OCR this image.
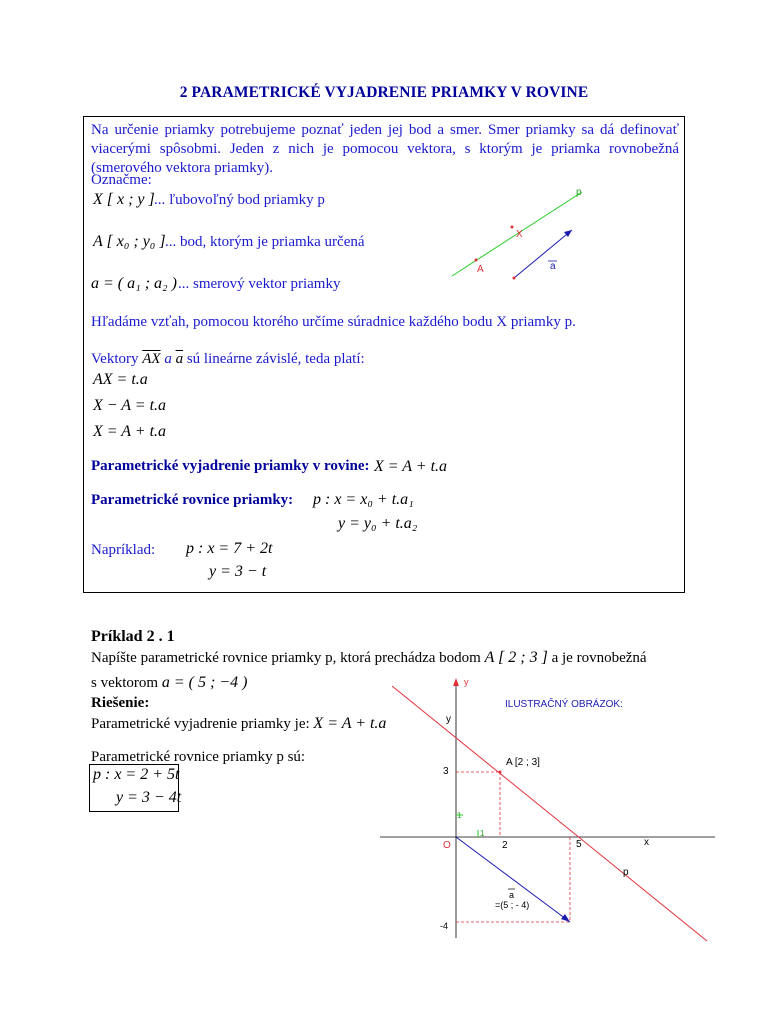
2 PARAMETRICKÉ VYJADRENIE PRIAMKY V ROVINE
Na určenie priamky potrebujeme poznať jeden jej bod a smer. Smer priamky sa dá definovať viacerými spôsobmi. Jeden z nich je pomocou vektora, s ktorým je priamka rovnobežná (smerového vektora priamky).
Označme:
X [ x ; y ] ... ľubovoľný bod priamky p
A [ x₀ ; y₀ ] ... bod, ktorým je priamka určená
a = ( a₁ ; a₂ ) ... smerový vektor priamky
p
X
A	a
Hľadáme vzťah, pomocou ktorého určíme súradnice každého bodu X priamky p.
Vektory $\overline{AX}$ a $\overline{a}$ sú lineárne závislé, teda platí:
AX = t.a
X − A = t.a
X = A + t.a
Parametrické vyjadrenie priamky v rovine: X = A + t.a
Parametrické rovnice priamky: p : x = x₀ + t.a₁
y = y₀ + t.a₂
Napríklad: p : x = 7 + 2t
y = 3 − t
Príklad 2 . 1
Napíšte parametrické rovnice priamky p, ktorá prechádza bodom A [ 2 ; 3 ] a je rovnobežná
s vektorom a = ( 5 ; −4 )
Riešenie:
Parametrické vyjadrenie priamky je: X = A + t.a
Parametrické rovnice priamky p sú:
p : x = 2 + 5t
y = 3 − 4t
y
ILUSTRAČNÝ OBRÁZOK:
y
3
A [2 ; 3]
1
1
O	2	5	x
p
a
=(5 ; - 4)
-4
